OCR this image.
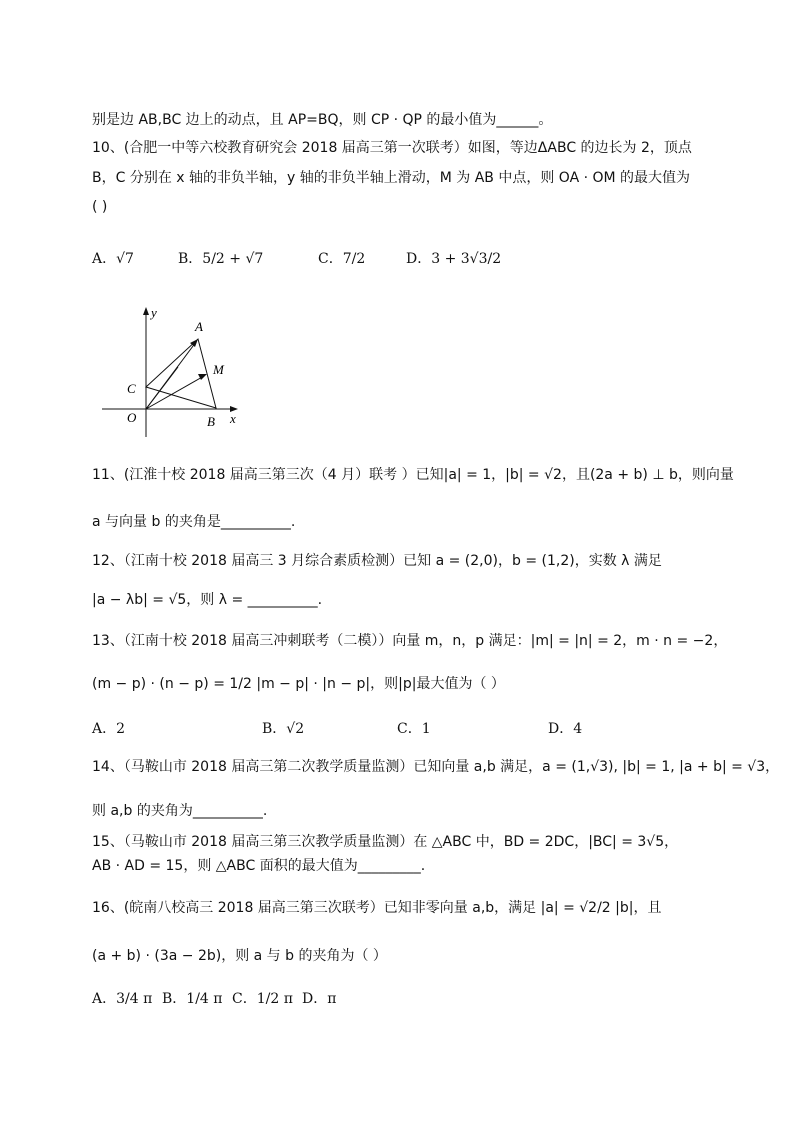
别是边 AB,BC 边上的动点，且 AP=BQ，则 CP · QP 的最小值为______。
10、(合肥一中等六校教育研究会 2018 届高三第一次联考）如图，等边ΔABC 的边长为 2，顶点
B，C 分别在 x 轴的非负半轴，y 轴的非负半轴上滑动，M 为 AB 中点，则 OA · OM 的最大值为
( )
A．√7	B．5/2 + √7	C．7/2	D．3 + 3√3/2
y
x
A
M
C
O	B
11、(江淮十校 2018 届高三第三次（4 月）联考 ）已知|a| = 1，|b| = √2，且(2a + b) ⊥ b，则向量
a 与向量 b 的夹角是__________.
12、（江南十校 2018 届高三 3 月综合素质检测）已知 a = (2,0)，b = (1,2)，实数 λ 满足
|a − λb| = √5，则 λ = __________.
13、（江南十校 2018 届高三冲刺联考（二模））向量 m，n，p 满足：|m| = |n| = 2，m · n = −2，
(m − p) · (n − p) = 1/2 |m − p| · |n − p|，则|p|最大值为（ ）
A．2	B．√2	C．1	D．4
14、（马鞍山市 2018 届高三第二次教学质量监测）已知向量 a,b 满足，a = (1,√3), |b| = 1, |a + b| = √3，
则 a,b 的夹角为__________.
15、（马鞍山市 2018 届高三第三次教学质量监测）在 △ABC 中，BD = 2DC，|BC| = 3√5，
AB · AD = 15，则 △ABC 面积的最大值为_________.
16、(皖南八校高三 2018 届高三第三次联考）已知非零向量 a,b，满足 |a| = √2/2 |b|，且
(a + b) · (3a − 2b)，则 a 与 b 的夹角为（ ）
A．3/4 π B．1/4 π C．1/2 π D．π
